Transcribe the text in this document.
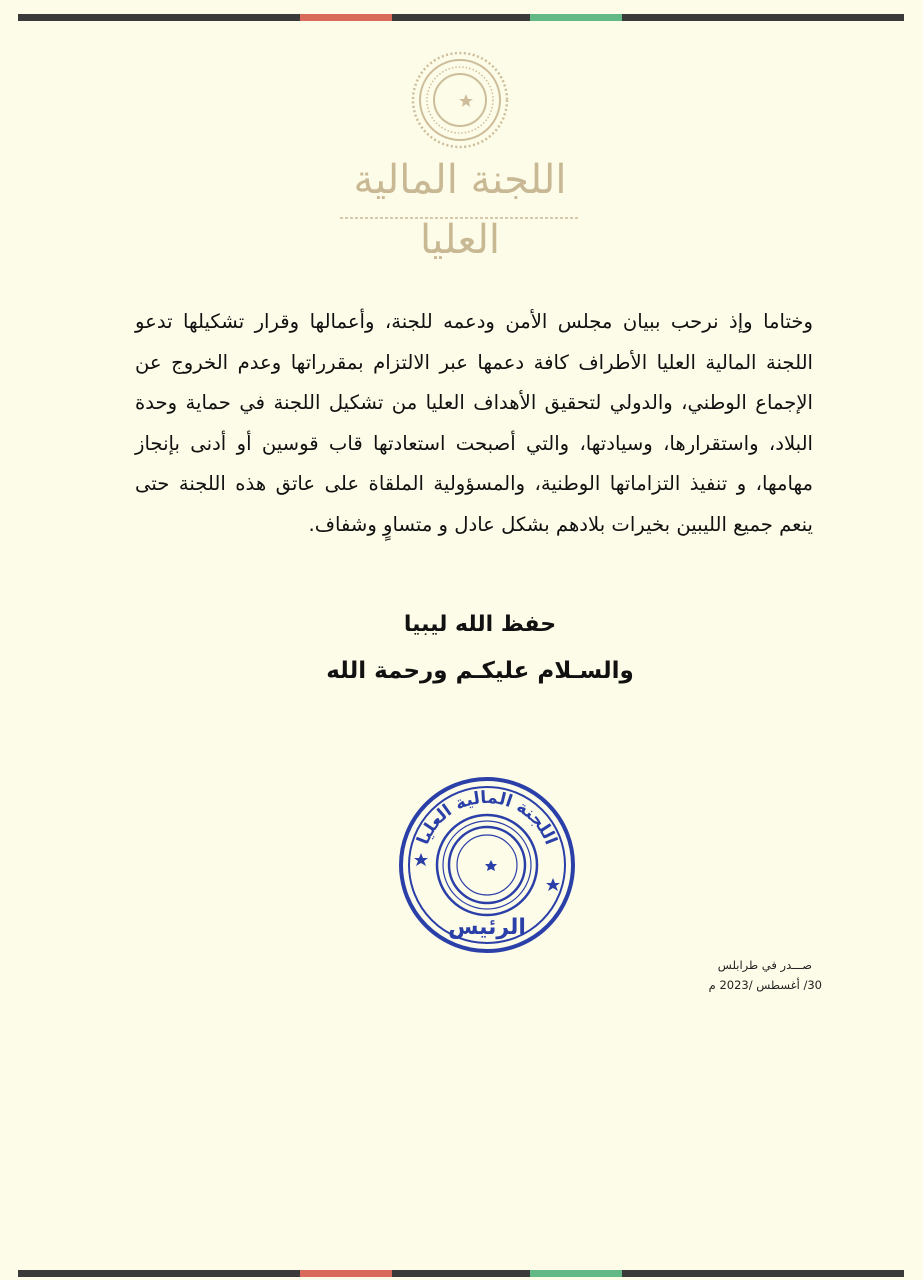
اللجنة المالية العليا
وختاما وإذ نرحب ببيان مجلس الأمن ودعمه للجنة، وأعمالها وقرار تشكيلها تدعو اللجنة المالية العليا الأطراف كافة دعمها عبر الالتزام بمقرراتها وعدم الخروج عن الإجماع الوطني، والدولي لتحقيق الأهداف العليا من تشكيل اللجنة في حماية وحدة البلاد، واستقرارها، وسيادتها، والتي أصبحت استعادتها قاب قوسين أو أدنى بإنجاز مهامها، و تنفيذ التزاماتها الوطنية، والمسؤولية الملقاة على عاتق هذه اللجنة حتى ينعم جميع الليبين بخيرات بلادهم بشكل عادل و متساوٍ وشفاف.
حفظ الله ليبيا
والسـلام عليكـم ورحمة الله
اللجنة المالية العليا
الرئيس
صـــدر في طرابلس
30/ أغسطس /2023 م
